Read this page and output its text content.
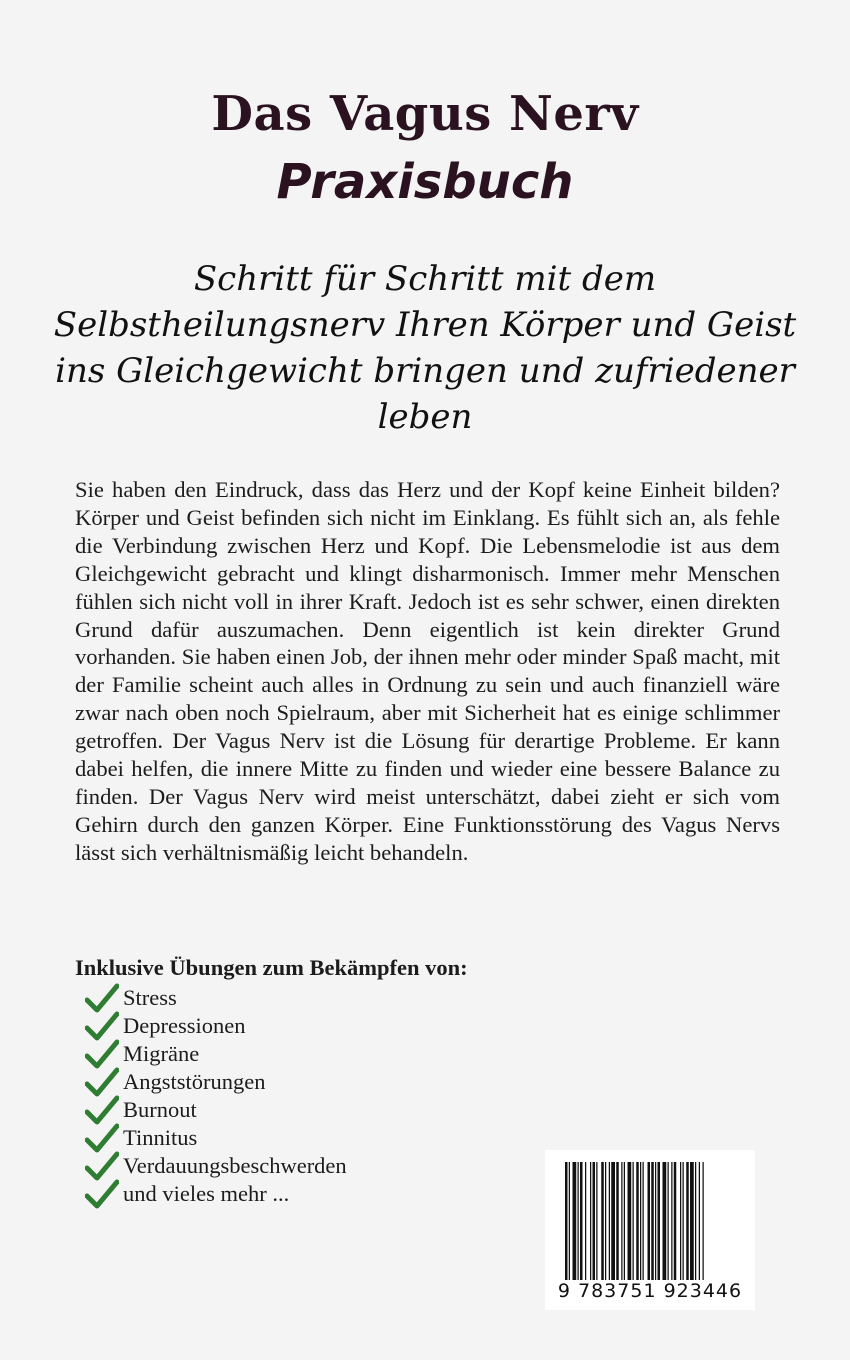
Das Vagus Nerv
Praxisbuch

Schritt für Schritt mit dem Selbstheilungsnerv Ihren Körper und Geist ins Gleichgewicht bringen und zufriedener leben

Sie haben den Eindruck, dass das Herz und der Kopf keine Einheit bilden? Körper und Geist befinden sich nicht im Einklang. Es fühlt sich an, als fehle die Verbindung zwischen Herz und Kopf. Die Lebensmelodie ist aus dem Gleichgewicht gebracht und klingt disharmonisch. Immer mehr Menschen fühlen sich nicht voll in ihrer Kraft. Jedoch ist es sehr schwer, einen direkten Grund dafür auszumachen. Denn eigentlich ist kein direkter Grund vorhanden. Sie haben einen Job, der ihnen mehr oder minder Spaß macht, mit der Familie scheint auch alles in Ordnung zu sein und auch finanziell wäre zwar nach oben noch Spielraum, aber mit Sicherheit hat es einige schlimmer getroffen. Der Vagus Nerv ist die Lösung für derartige Probleme. Er kann dabei helfen, die innere Mitte zu finden und wieder eine bessere Balance zu finden. Der Vagus Nerv wird meist unterschätzt, dabei zieht er sich vom Gehirn durch den ganzen Körper. Eine Funktionsstörung des Vagus Nervs lässt sich verhältnismäßig leicht behandeln.

Inklusive Übungen zum Bekämpfen von:

Stress
Depressionen
Migräne
Angststörungen
Burnout
Tinnitus
Verdauungsbeschwerden
und vieles mehr ...
9 783751 923446
